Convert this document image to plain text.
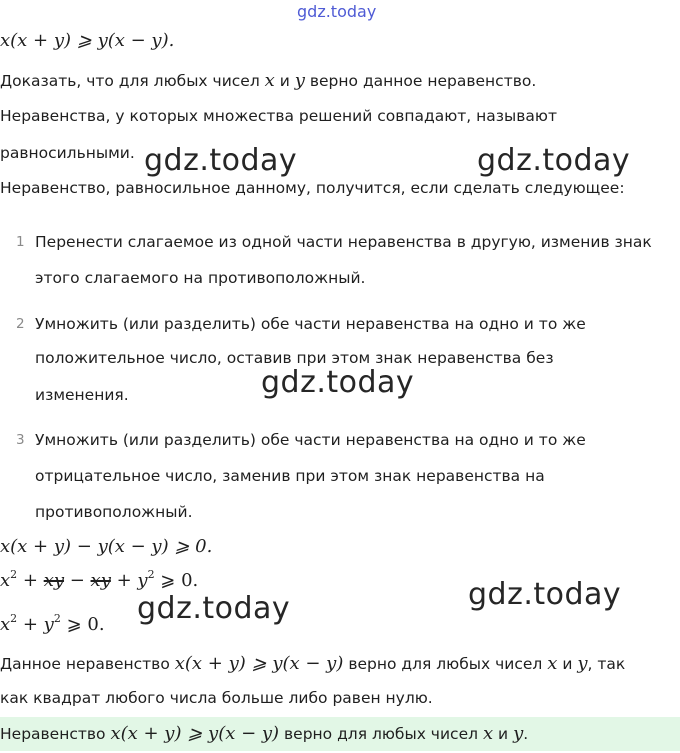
gdz.today
x(x + y) ⩾ y(x − y).
Доказать, что для любых чисел x и y верно данное неравенство.
Неравенства, у которых множества решений совпадают, называют
равносильными. gdz.today	gdz.today
Неравенство, равносильное данному, получится, если сделать следующее:
1 Перенести слагаемое из одной части неравенства в другую, изменив знак
этого слагаемого на противоположный.
2 Умножить (или разделить) обе части неравенства на одно и то же
положительное число, оставив при этом знак неравенства без
изменения.	gdz.today
3 Умножить (или разделить) обе части неравенства на одно и то же
отрицательное число, заменив при этом знак неравенства на
противоположный.
x(x + y) − y(x − y) ⩾ 0.
$x^2$ + xy − xy + $y^2$ ⩾ 0.	gdz.today
gdz.today
$x^2 + y^2$ ⩾ 0.
Данное неравенство x(x + y) ⩾ y(x − y) верно для любых чисел x и y, так
как квадрат любого числа больше либо равен нулю.
Неравенство x(x + y) ⩾ y(x − y) верно для любых чисел x и y.
